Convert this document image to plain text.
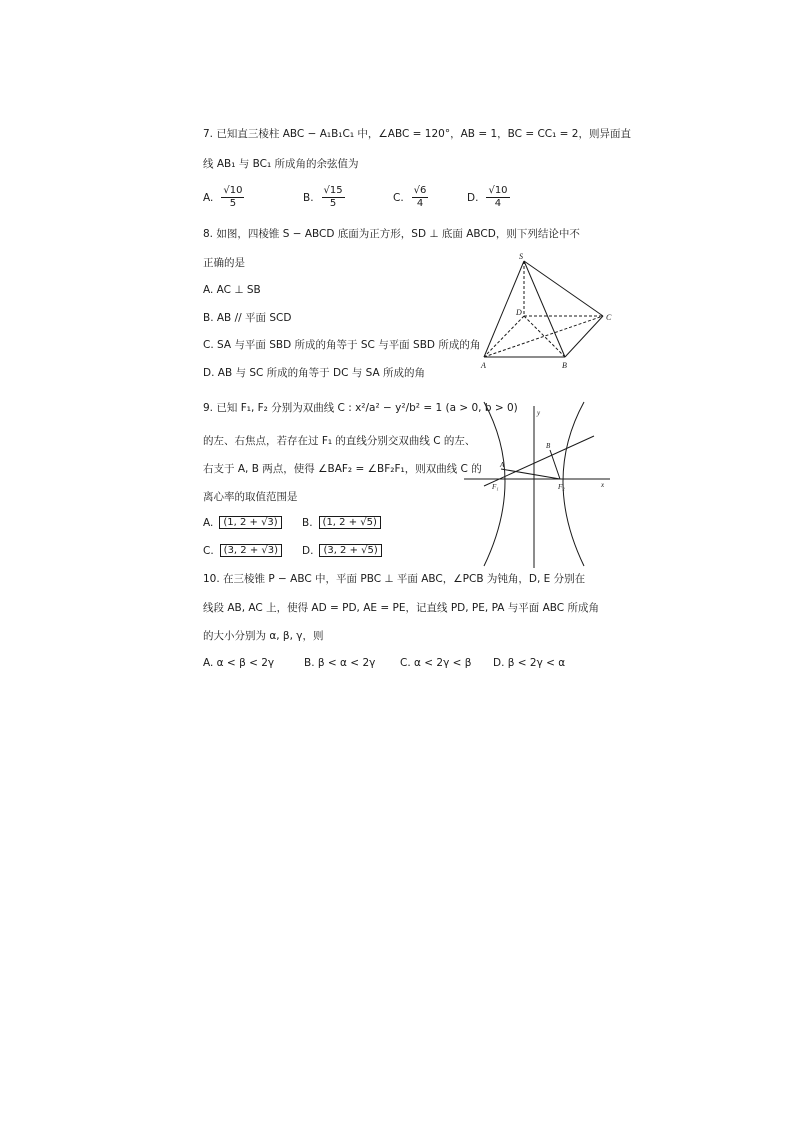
7. 已知直三棱柱 ABC − A₁B₁C₁ 中，∠ABC = 120°，AB = 1，BC = CC₁ = 2，则异面直
线 AB₁ 与 BC₁ 所成角的余弦值为
A. √ $\frac{10}{5}$	B. √ $\frac{15}{5}$	C. √ $\frac{6}{4}$	D. √ $\frac{10}{4}$
8. 如图，四棱锥 S − ABCD 底面为正方形，SD ⊥ 底面 ABCD，则下列结论中不
正确的是
A. AC ⊥ SB
B. AB // 平面 SCD
C. SA 与平面 SBD 所成的角等于 SC 与平面 SBD 所成的角
D. AB 与 SC 所成的角等于 DC 与 SA 所成的角
S
D
C
A	B
9. 已知 F₁, F₂ 分别为双曲线 C : x²/a² − y²/b² = 1 (a > 0, b > 0)
的左、右焦点，若存在过 F₁ 的直线分别交双曲线 C 的左、
右支于 A, B 两点，使得 ∠BAF₂ = ∠BF₂F₁，则双曲线 C 的
离心率的取值范围是
A.	(1, 2 + √3)	B.	(1, 2 + √5)
C.	(3, 2 + √3)	D.	(3, 2 + √5)
y
x
A
B
F₁	F₂
10. 在三棱锥 P − ABC 中，平面 PBC ⊥ 平面 ABC，∠PCB 为钝角，D, E 分别在
线段 AB, AC 上，使得 AD = PD, AE = PE，记直线 PD, PE, PA 与平面 ABC 所成角
的大小分别为 α, β, γ，则
A. α < β < 2γ	B. β < α < 2γ C. α < 2γ < β D. β < 2γ < α
